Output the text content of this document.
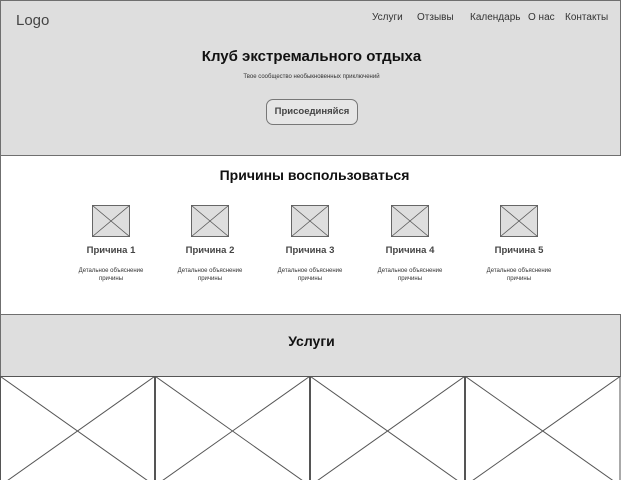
Logo	Услуги Отзывы Календарь О нас Контакты
Клуб экстремального отдыха
Твое сообщество необыкновенных приключений
Присоединяйся
Причины воспользоваться
Причина 1
Детальное объяснение причины
Причина 2
Детальное объяснение причины
Причина 3
Детальное объяснение причины
Причина 4
Детальное объяснение причины
Причина 5
Детальное объяснение причины
Услуги
